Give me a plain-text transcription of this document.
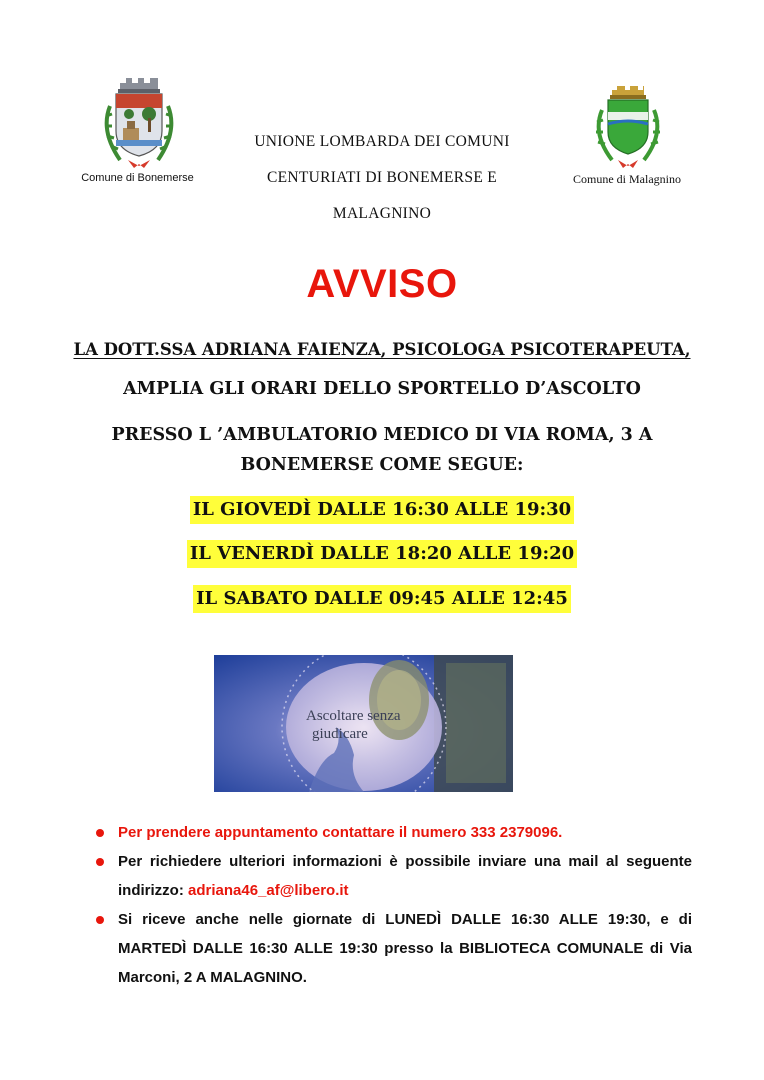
Comune di Bonemerse	Comune di Malagnino
UNIONE LOMBARDA DEI COMUNI
CENTURIATI DI BONEMERSE E
MALAGNINO
AVVISO
LA DOTT.SSA ADRIANA FAIENZA, PSICOLOGA PSICOTERAPEUTA,
AMPLIA GLI ORARI DELLO SPORTELLO D’ASCOLTO
PRESSO L ’AMBULATORIO MEDICO DI VIA ROMA, 3 A
BONEMERSE COME SEGUE:
IL GIOVEDÌ DALLE 16:30 ALLE 19:30
IL VENERDÌ DALLE 18:20 ALLE 19:20
IL SABATO DALLE 09:45 ALLE 12:45
Ascoltare senza
giudicare
Per prendere appuntamento contattare il numero 333 2379096.
Per richiedere ulteriori informazioni è possibile inviare una mail al seguente indirizzo: adriana46_af@libero.it
Si riceve anche nelle giornate di LUNEDÌ DALLE 16:30 ALLE 19:30, e di MARTEDÌ DALLE 16:30 ALLE 19:30 presso la BIBLIOTECA COMUNALE di Via Marconi, 2 A MALAGNINO.
